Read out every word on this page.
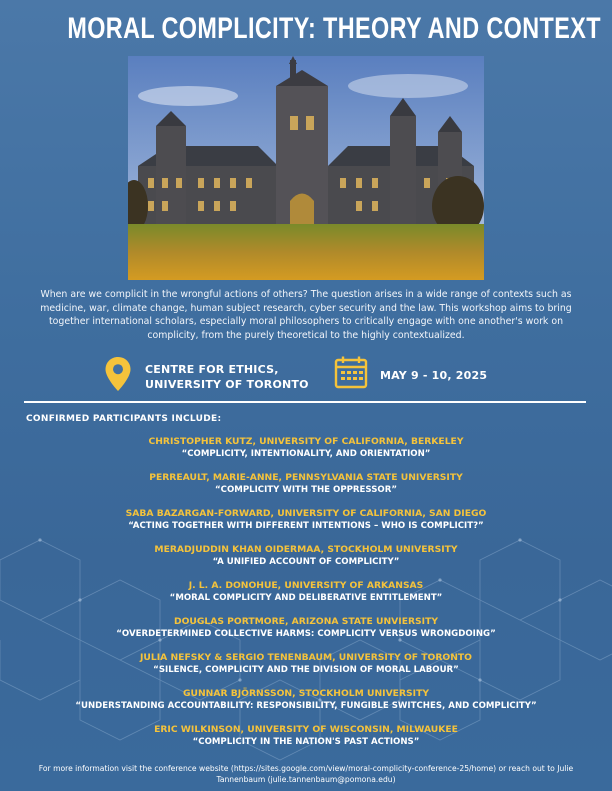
MORAL COMPLICITY: THEORY AND CONTEXT
When are we complicit in the wrongful actions of others? The question arises in a wide range of contexts such as medicine, war, climate change, human subject research, cyber security and the law. This workshop aims to bring together international scholars, especially moral philosophers to critically engage with one another's work on complicity, from the purely theoretical to the highly contextualized.
CENTRE FOR ETHICS,
UNIVERSITY OF TORONTO
MAY 9 - 10, 2025
CONFIRMED PARTICIPANTS INCLUDE:
CHRISTOPHER KUTZ, UNIVERSITY OF CALIFORNIA, BERKELEY
“COMPLICITY, INTENTIONALITY, AND ORIENTATION”
PERREAULT, MARIE-ANNE, PENNSYLVANIA STATE UNIVERSITY
“COMPLICITY WITH THE OPPRESSOR”
SABA BAZARGAN-FORWARD, UNIVERSITY OF CALIFORNIA, SAN DIEGO
“ACTING TOGETHER WITH DIFFERENT INTENTIONS – WHO IS COMPLICIT?”
MERADJUDDIN KHAN OIDERMAA, STOCKHOLM UNIVERSITY
“A UNIFIED ACCOUNT OF COMPLICITY”
J. L. A. DONOHUE, UNIVERSITY OF ARKANSAS
“MORAL COMPLICITY AND DELIBERATIVE ENTITLEMENT”
DOUGLAS PORTMORE, ARIZONA STATE UNVIERSITY
“OVERDETERMINED COLLECTIVE HARMS: COMPLICITY VERSUS WRONGDOING”
JULIA NEFSKY & SERGIO TENENBAUM, UNIVERSITY OF TORONTO
“SILENCE, COMPLICITY AND THE DIVISION OF MORAL LABOUR”
GUNNAR BJÖRNSSON, STOCKHOLM UNIVERSITY
“UNDERSTANDING ACCOUNTABILITY: RESPONSIBILITY, FUNGIBLE SWITCHES, AND COMPLICITY”
ERIC WILKINSON, UNIVERSITY OF WISCONSIN, MILWAUKEE
“COMPLICITY IN THE NATION'S PAST ACTIONS”
For more information visit the conference website (https://sites.google.com/view/moral-complicity-conference-25/home) or reach out to Julie Tannenbaum (julie.tannenbaum@pomona.edu)
